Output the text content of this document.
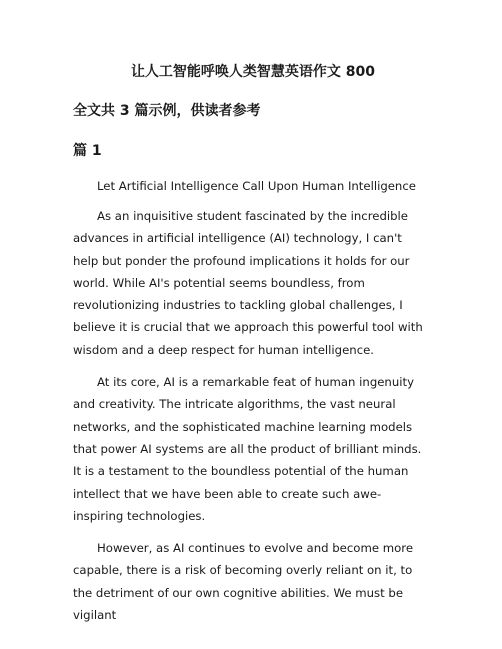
让人工智能呼唤人类智慧英语作文 800
全文共 3 篇示例，供读者参考
篇 1
Let Artificial Intelligence Call Upon Human Intelligence

As an inquisitive student fascinated by the incredible advances in artificial intelligence (AI) technology, I can't help but ponder the profound implications it holds for our world. While AI's potential seems boundless, from revolutionizing industries to tackling global challenges, I believe it is crucial that we approach this powerful tool with wisdom and a deep respect for human intelligence.

At its core, AI is a remarkable feat of human ingenuity and creativity. The intricate algorithms, the vast neural networks, and the sophisticated machine learning models that power AI systems are all the product of brilliant minds. It is a testament to the boundless potential of the human intellect that we have been able to create such awe-inspiring technologies.

However, as AI continues to evolve and become more capable, there is a risk of becoming overly reliant on it, to the detriment of our own cognitive abilities. We must be vigilant
